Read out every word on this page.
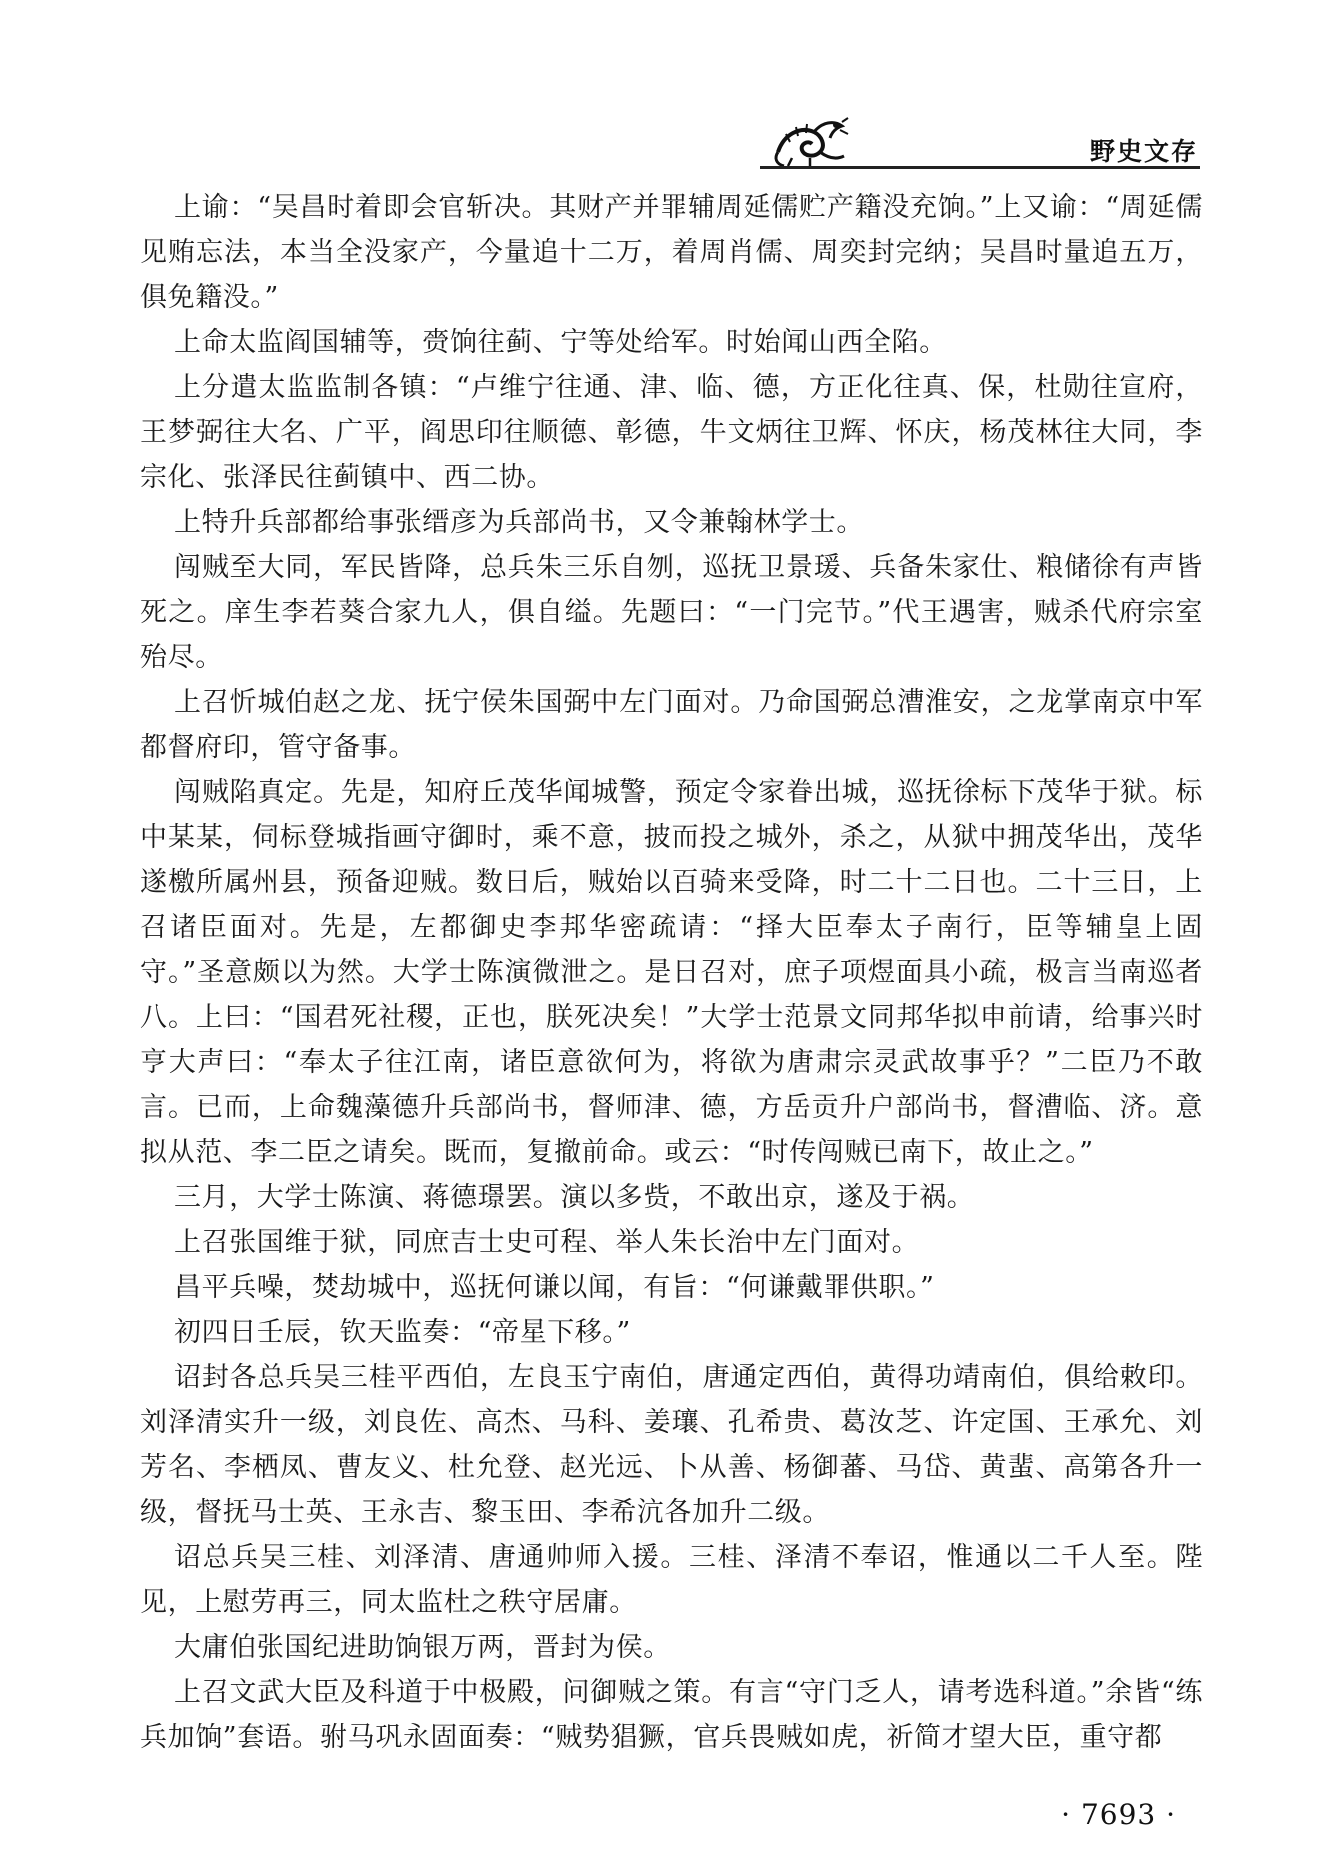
野史文存

上谕：“吴昌时着即会官斩决。其财产并罪辅周延儒贮产籍没充饷。”上又谕：“周延儒见贿忘法，本当全没家产，今量追十二万，着周肖儒、周奕封完纳；吴昌时量追五万，俱免籍没。”

上命太监阎国辅等，赍饷往蓟、宁等处给军。时始闻山西全陷。

上分遣太监监制各镇：“卢维宁往通、津、临、德，方正化往真、保，杜勋往宣府，王梦弼往大名、广平，阎思印往顺德、彰德，牛文炳往卫辉、怀庆，杨茂林往大同，李宗化、张泽民往蓟镇中、西二协。

上特升兵部都给事张缙彦为兵部尚书，又令兼翰林学士。

闯贼至大同，军民皆降，总兵朱三乐自刎，巡抚卫景瑗、兵备朱家仕、粮储徐有声皆死之。庠生李若葵合家九人，俱自缢。先题曰：“一门完节。”代王遇害，贼杀代府宗室殆尽。

上召忻城伯赵之龙、抚宁侯朱国弼中左门面对。乃命国弼总漕淮安，之龙掌南京中军都督府印，管守备事。

闯贼陷真定。先是，知府丘茂华闻城警，预定令家眷出城，巡抚徐标下茂华于狱。标中某某，伺标登城指画守御时，乘不意，披而投之城外，杀之，从狱中拥茂华出，茂华遂檄所属州县，预备迎贼。数日后，贼始以百骑来受降，时二十二日也。二十三日，上召诸臣面对。先是，左都御史李邦华密疏请：“择大臣奉太子南行，臣等辅皇上固守。”圣意颇以为然。大学士陈演微泄之。是日召对，庶子项煜面具小疏，极言当南巡者八。上曰：“国君死社稷，正也，朕死决矣！”大学士范景文同邦华拟申前请，给事兴时亨大声曰：“奉太子往江南，诸臣意欲何为，将欲为唐肃宗灵武故事乎？”二臣乃不敢言。已而，上命魏藻德升兵部尚书，督师津、德，方岳贡升户部尚书，督漕临、济。意拟从范、李二臣之请矣。既而，复撤前命。或云：“时传闯贼已南下，故止之。”

三月，大学士陈演、蒋德璟罢。演以多赀，不敢出京，遂及于祸。

上召张国维于狱，同庶吉士史可程、举人朱长治中左门面对。

昌平兵噪，焚劫城中，巡抚何谦以闻，有旨：“何谦戴罪供职。”

初四日壬辰，钦天监奏：“帝星下移。”

诏封各总兵吴三桂平西伯，左良玉宁南伯，唐通定西伯，黄得功靖南伯，俱给敕印。刘泽清实升一级，刘良佐、高杰、马科、姜瓖、孔希贵、葛汝芝、许定国、王承允、刘芳名、李栖凤、曹友义、杜允登、赵光远、卜从善、杨御蕃、马岱、黄蜚、高第各升一级，督抚马士英、王永吉、黎玉田、李希沆各加升二级。

诏总兵吴三桂、刘泽清、唐通帅师入援。三桂、泽清不奉诏，惟通以二千人至。陛见，上慰劳再三，同太监杜之秩守居庸。

大庸伯张国纪进助饷银万两，晋封为侯。

上召文武大臣及科道于中极殿，问御贼之策。有言“守门乏人，请考选科道。”余皆“练兵加饷”套语。驸马巩永固面奏：“贼势猖獗，官兵畏贼如虎，祈简才望大臣，重守都

· 7693 ·
